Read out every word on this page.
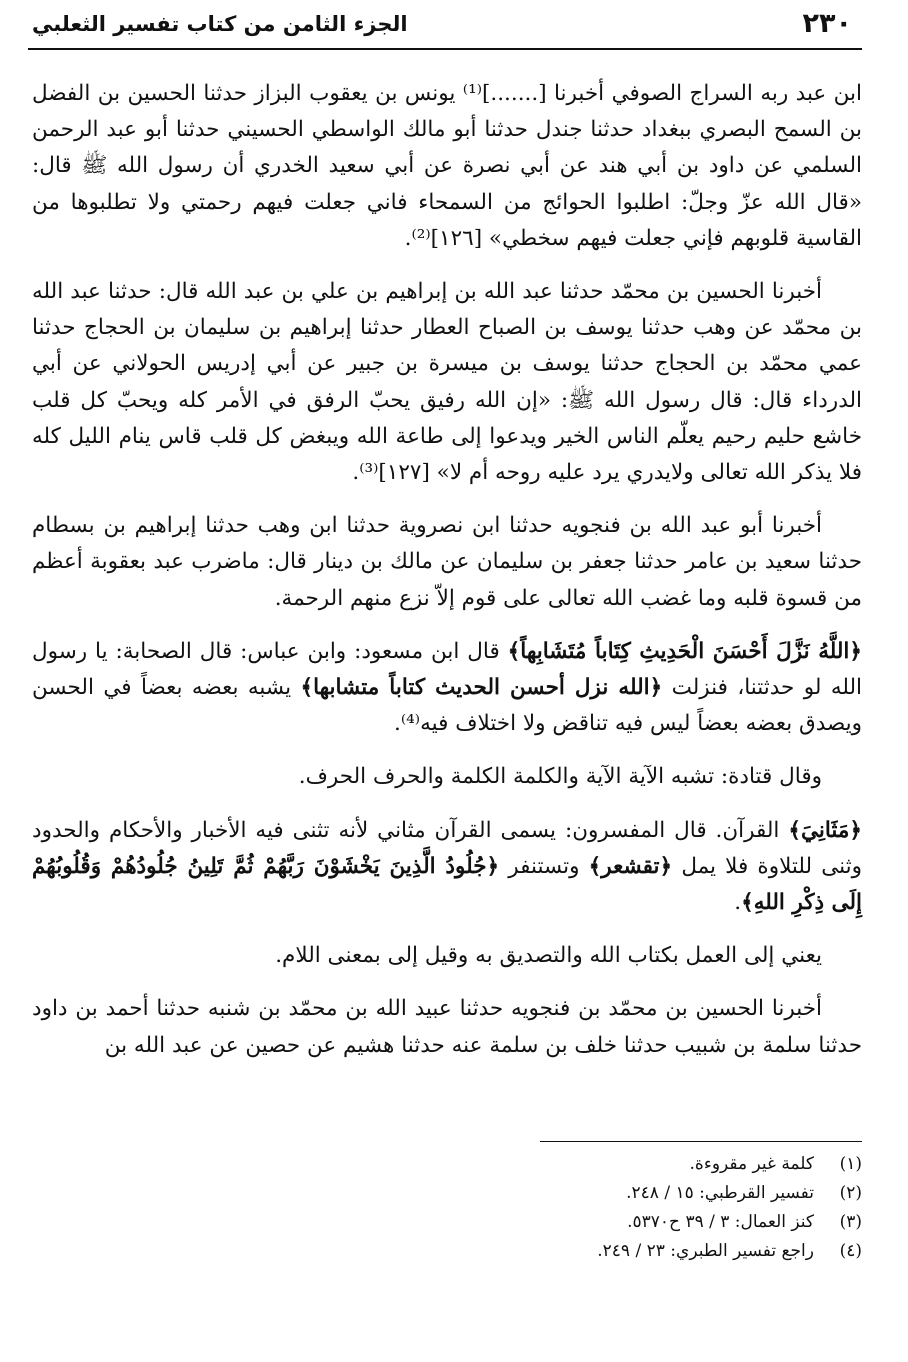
الجزء الثامن من كتاب تفسير الثعلبي	٢٣٠

ابن عبد ربه السراج الصوفي أخبرنا [.......]⁽¹⁾ يونس بن يعقوب البزاز حدثنا الحسين بن الفضل بن السمح البصري ببغداد حدثنا جندل حدثنا أبو مالك الواسطي الحسيني حدثنا أبو عبد الرحمن السلمي عن داود بن أبي هند عن أبي نصرة عن أبي سعيد الخدري أن رسول الله ﷺ قال: «قال الله عزّ وجلّ: اطلبوا الحوائج من السمحاء فاني جعلت فيهم رحمتي ولا تطلبوها من القاسية قلوبهم فإني جعلت فيهم سخطي» [١٢٦]⁽²⁾.

أخبرنا الحسين بن محمّد حدثنا عبد الله بن إبراهيم بن علي بن عبد الله قال: حدثنا عبد الله بن محمّد عن وهب حدثنا يوسف بن الصباح العطار حدثنا إبراهيم بن سليمان بن الحجاج حدثنا عمي محمّد بن الحجاج حدثنا يوسف بن ميسرة بن جبير عن أبي إدريس الحولاني عن أبي الدرداء قال: قال رسول الله ﷺ: «إن الله رفيق يحبّ الرفق في الأمر كله ويحبّ كل قلب خاشع حليم رحيم يعلّم الناس الخير ويدعوا إلى طاعة الله ويبغض كل قلب قاس ينام الليل كله فلا يذكر الله تعالى ولايدري يرد عليه روحه أم لا» [١٢٧]⁽³⁾.

أخبرنا أبو عبد الله بن فنجويه حدثنا ابن نصروية حدثنا ابن وهب حدثنا إبراهيم بن بسطام حدثنا سعيد بن عامر حدثنا جعفر بن سليمان عن مالك بن دينار قال: ماضرب عبد بعقوبة أعظم من قسوة قلبه وما غضب الله تعالى على قوم إلاّ نزع منهم الرحمة.

﴿اللَّهُ نَزَّلَ أَحْسَنَ الْحَدِيثِ كِتَاباً مُتَشَابِهاً﴾ قال ابن مسعود: وابن عباس: قال الصحابة: يا رسول الله لو حدثتنا، فنزلت ﴿الله نزل أحسن الحديث كتاباً متشابها﴾ يشبه بعضه بعضاً في الحسن ويصدق بعضه بعضاً ليس فيه تناقض ولا اختلاف فيه⁽⁴⁾.

وقال قتادة: تشبه الآية الآية والكلمة الكلمة والحرف الحرف.

﴿مَثَانِيَ﴾ القرآن. قال المفسرون: يسمى القرآن مثاني لأنه تثنى فيه الأخبار والأحكام والحدود وثنى للتلاوة فلا يمل ﴿تقشعر﴾ وتستنفر ﴿جُلُودُ الَّذِينَ يَخْشَوْنَ رَبَّهُمْ ثُمَّ تَلِينُ جُلُودُهُمْ وَقُلُوبُهُمْ إِلَى ذِكْرِ اللهِ﴾.

يعني إلى العمل بكتاب الله والتصديق به وقيل إلى بمعنى اللام.

أخبرنا الحسين بن محمّد بن فنجويه حدثنا عبيد الله بن محمّد بن شنبه حدثنا أحمد بن داود حدثنا سلمة بن شبيب حدثنا خلف بن سلمة عنه حدثنا هشيم عن حصين عن عبد الله بن

(١)
كلمة غير مقروءة.
(٢)
تفسير القرطبي: ١٥ / ٢٤٨.
(٣)
كنز العمال: ٣ / ٣٩ ح٥٣٧٠.
(٤)
راجع تفسير الطبري: ٢٣ / ٢٤٩.
